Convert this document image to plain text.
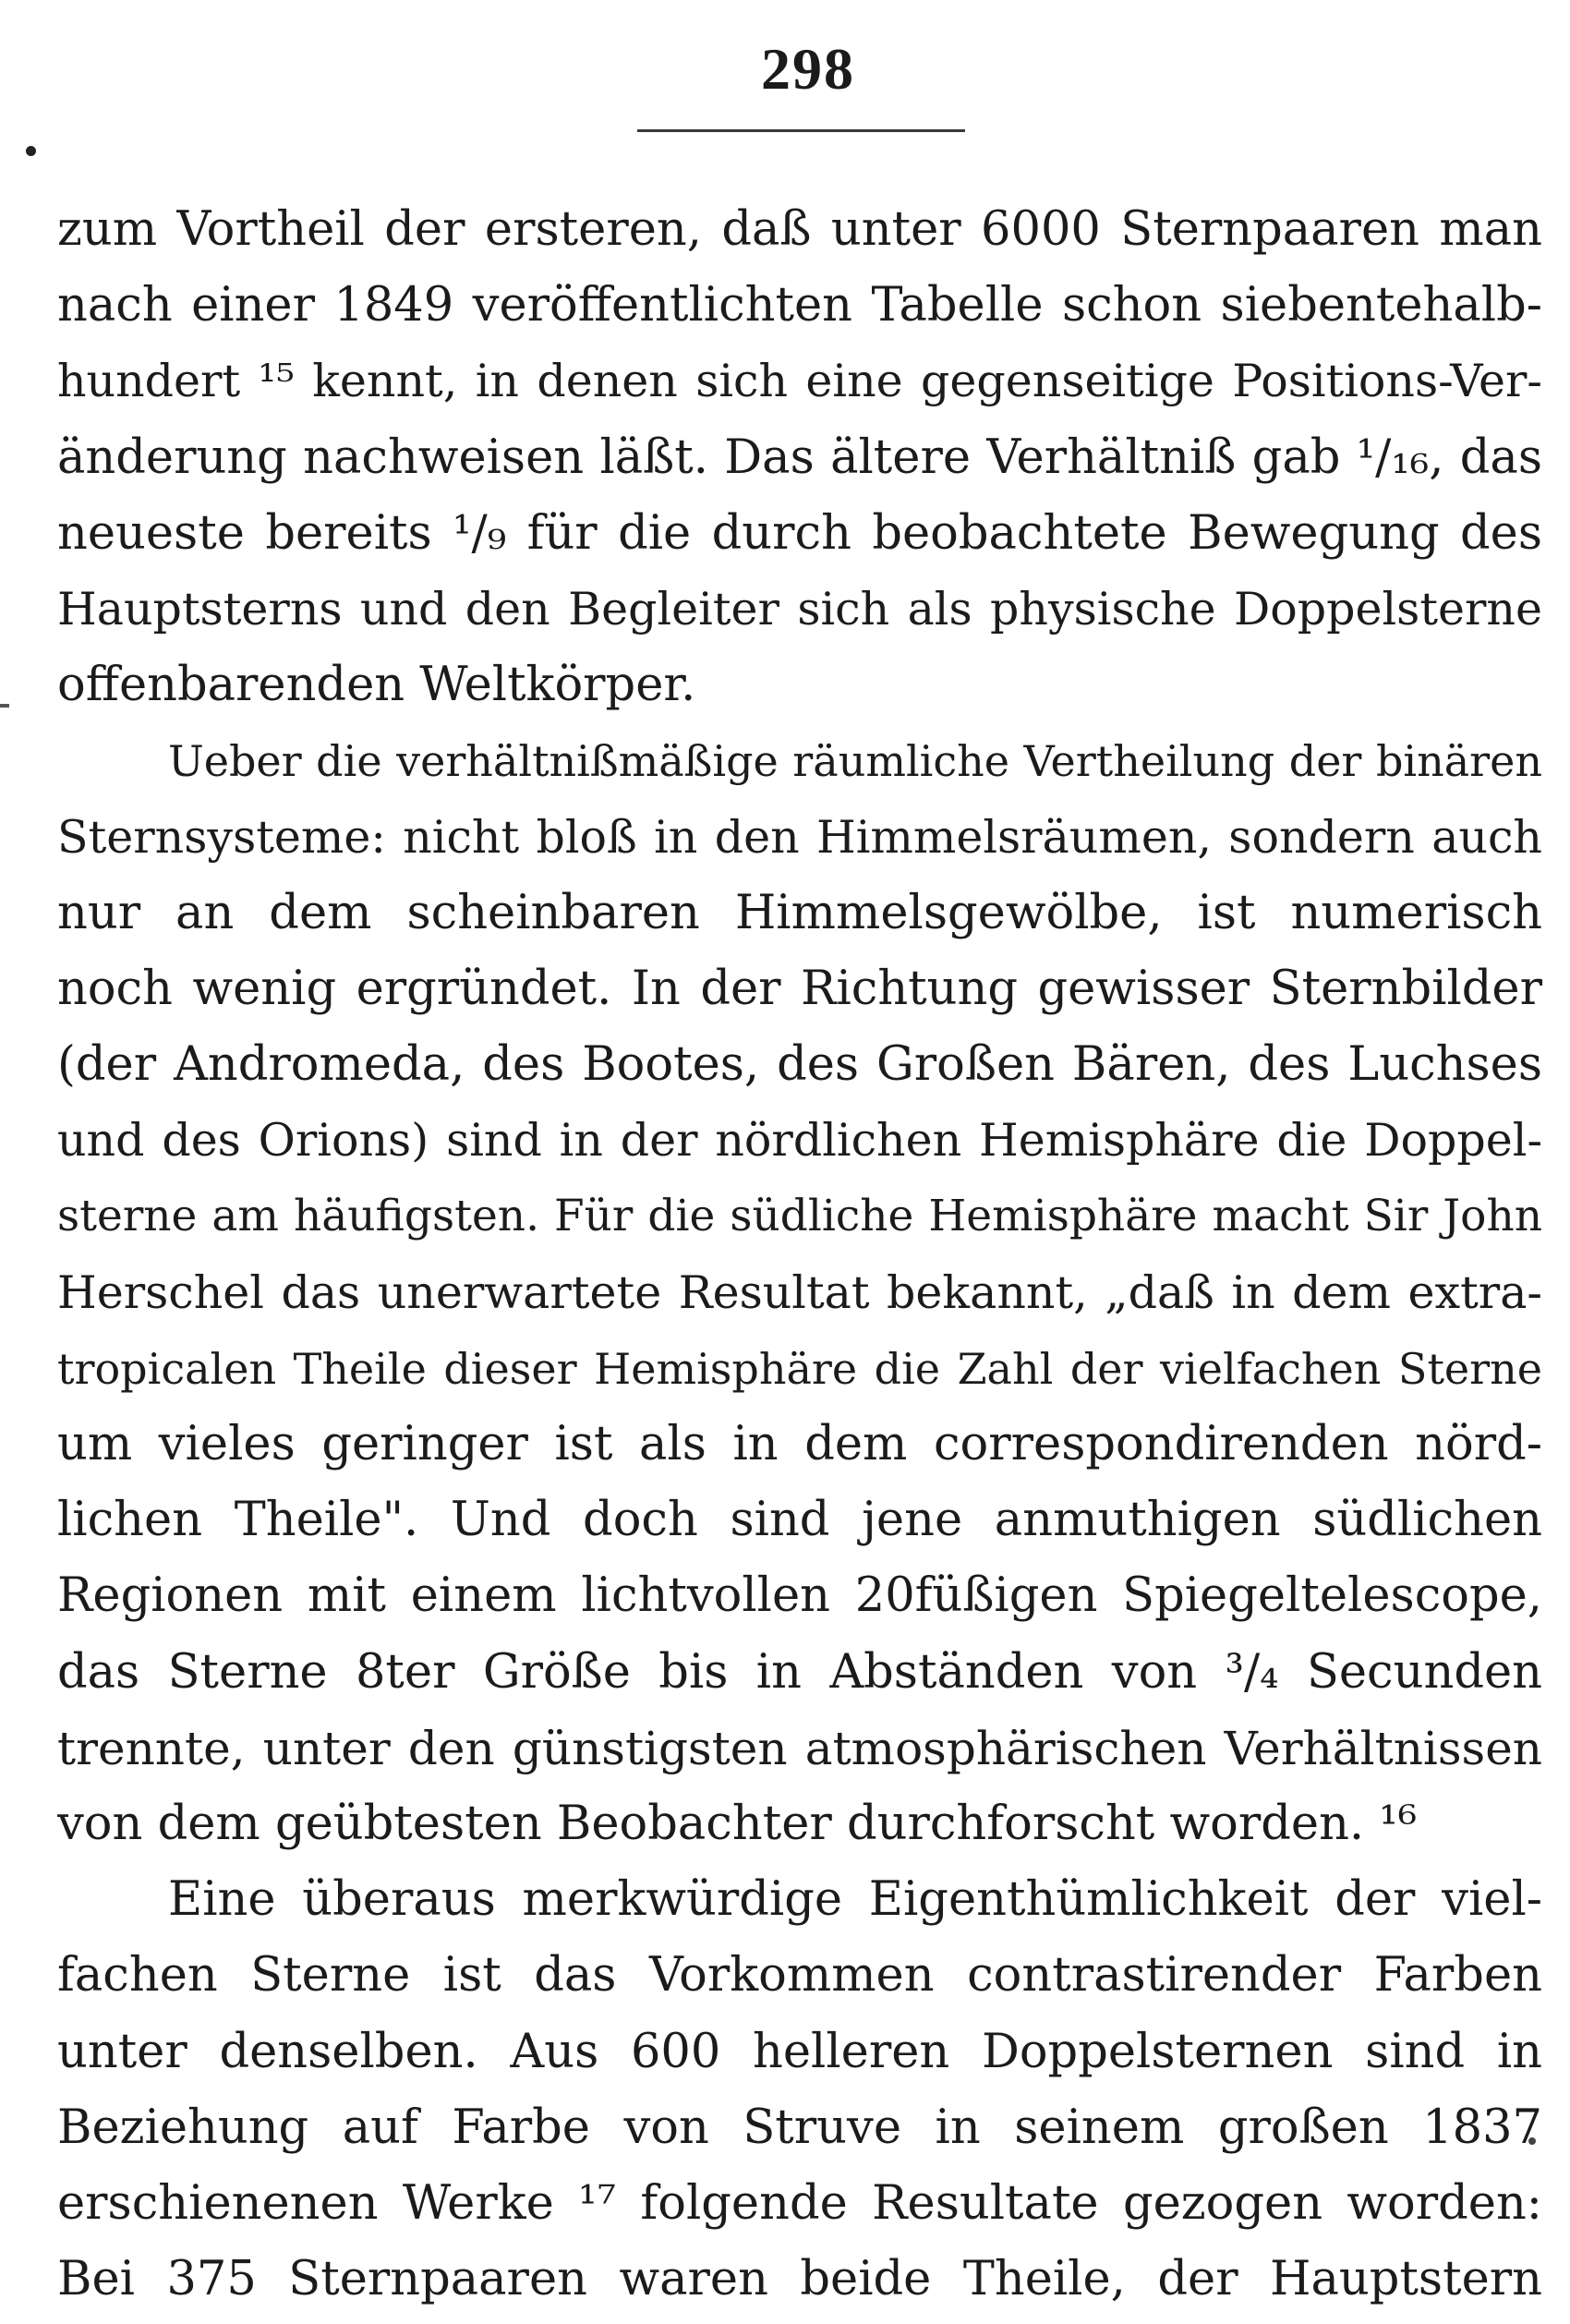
298
zum Vortheil der ersteren, daß unter 6000 Sternpaaren man
nach einer 1849 veröffentlichten Tabelle schon siebentehalb-
hundert ¹⁵ kennt, in denen sich eine gegenseitige Positions-Ver-
änderung nachweisen läßt. Das ältere Verhältniß gab ¹/₁₆, das
neueste bereits ¹/₉ für die durch beobachtete Bewegung des
Hauptsterns und den Begleiter sich als physische Doppelsterne
offenbarenden Weltkörper.
Ueber die verhältnißmäßige räumliche Vertheilung der binären
Sternsysteme: nicht bloß in den Himmelsräumen, sondern auch
nur an dem scheinbaren Himmelsgewölbe, ist numerisch
noch wenig ergründet. In der Richtung gewisser Sternbilder
(der Andromeda, des Bootes, des Großen Bären, des Luchses
und des Orions) sind in der nördlichen Hemisphäre die Doppel-
sterne am häufigsten. Für die südliche Hemisphäre macht Sir John
Herschel das unerwartete Resultat bekannt, „daß in dem extra-
tropicalen Theile dieser Hemisphäre die Zahl der vielfachen Sterne
um vieles geringer ist als in dem correspondirenden nörd-
lichen Theile". Und doch sind jene anmuthigen südlichen
Regionen mit einem lichtvollen 20füßigen Spiegeltelescope,
das Sterne 8ter Größe bis in Abständen von ³/₄ Secunden
trennte, unter den günstigsten atmosphärischen Verhältnissen
von dem geübtesten Beobachter durchforscht worden. ¹⁶
Eine überaus merkwürdige Eigenthümlichkeit der viel-
fachen Sterne ist das Vorkommen contrastirender Farben
unter denselben. Aus 600 helleren Doppelsternen sind in
Beziehung auf Farbe von Struve in seinem großen 1837
erschienenen Werke ¹⁷ folgende Resultate gezogen worden:
Bei 375 Sternpaaren waren beide Theile, der Hauptstern
